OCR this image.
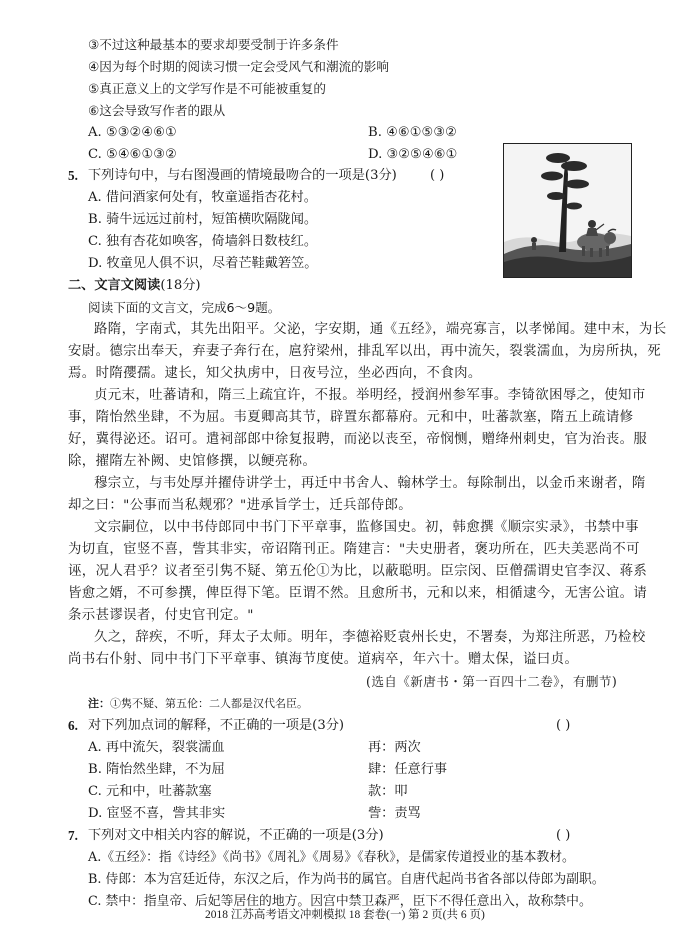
③不过这种最基本的要求却要受制于许多条件
④因为每个时期的阅读习惯一定会受风气和潮流的影响
⑤真正意义上的文学写作是不可能被重复的
⑥这会导致写作者的跟从
A. ⑤③②④⑥①	B. ④⑥①⑤③②
C. ⑤④⑥①③②	D. ③②⑤④⑥①
5. 下列诗句中，与右图漫画的情境最吻合的一项是(3分)	( )
A. 借问酒家何处有，牧童遥指杏花村。
B. 骑牛远远过前村，短笛横吹隔陇闻。
C. 独有杏花如唤客，倚墙斜日数枝红。
D. 牧童见人俱不识，尽着芒鞋戴箬笠。
二、文言文阅读(18分)
阅读下面的文言文，完成6～9题。
路隋，字南式，其先出阳平。父泌，字安期，通《五经》，端亮寡言，以孝悌闻。建中末，为长
安尉。德宗出奉天，弃妻子奔行在，扈狩梁州，排乱军以出，再中流矢，裂裳濡血，为房所执，死
焉。时隋孾孺。逮长，知父执虏中，日夜号泣，坐必西向，不食肉。
贞元末，吐蕃请和，隋三上疏宜许，不报。举明经，授润州参军事。李锜欲困辱之，使知市
事，隋怡然坐肆，不为屈。韦夏卿高其节，辟置东都幕府。元和中，吐蕃款塞，隋五上疏请修
好，冀得泌还。诏可。遣祠部郎中徐复报聘，而泌以丧至，帝悯恻，赠绛州刺史，官为治丧。服
除，擢隋左补阙、史馆修撰，以鲠亮称。
穆宗立，与韦处厚并擢侍讲学士，再迁中书舍人、翰林学士。每除制出，以金币来谢者，隋
却之曰："公事而当私觌邪？"进承旨学士，迁兵部侍郎。
文宗嗣位，以中书侍郎同中书门下平章事，监修国史。初，韩愈撰《顺宗实录》，书禁中事
为切直，宦竖不喜，訾其非实，帝诏隋刊正。隋建言："夫史册者，褒功所在，匹夫美恶尚不可
诬，况人君乎？议者至引隽不疑、第五伦①为比，以蔽聪明。臣宗闵、臣僧孺谓史官李汉、蒋系
皆愈之婿，不可参撰，俾臣得下笔。臣谓不然。且愈所书，元和以来，相循逮今，无害公谊。请
条示甚谬误者，付史官刊定。"
久之，辞疾，不听，拜太子太师。明年，李德裕贬袁州长史，不署奏，为郑注所恶，乃检校
尚书右仆射、同中书门下平章事、镇海节度使。道病卒，年六十。赠太保，谥曰贞。
(选自《新唐书・第一百四十二卷》，有删节)
注：①隽不疑、第五伦：二人都是汉代名臣。
6. 对下列加点词的解释，不正确的一项是(3分)	( )
A. 再中流矢，裂裳濡血	再：两次
B. 隋怡然坐肆，不为屈	肆：任意行事
C. 元和中，吐蕃款塞	款：叩
D. 宦竖不喜，訾其非实	訾：责骂
7. 下列对文中相关内容的解说，不正确的一项是(3分)	( )
A.《五经》：指《诗经》《尚书》《周礼》《周易》《春秋》，是儒家传道授业的基本教材。
B. 侍郎：本为宫廷近侍，东汉之后，作为尚书的属官。自唐代起尚书省各部以侍郎为副职。
C. 禁中：指皇帝、后妃等居住的地方。因宫中禁卫森严，臣下不得任意出入，故称禁中。
2018 江苏高考语文冲刺模拟 18 套卷(一) 第 2 页(共 6 页)
